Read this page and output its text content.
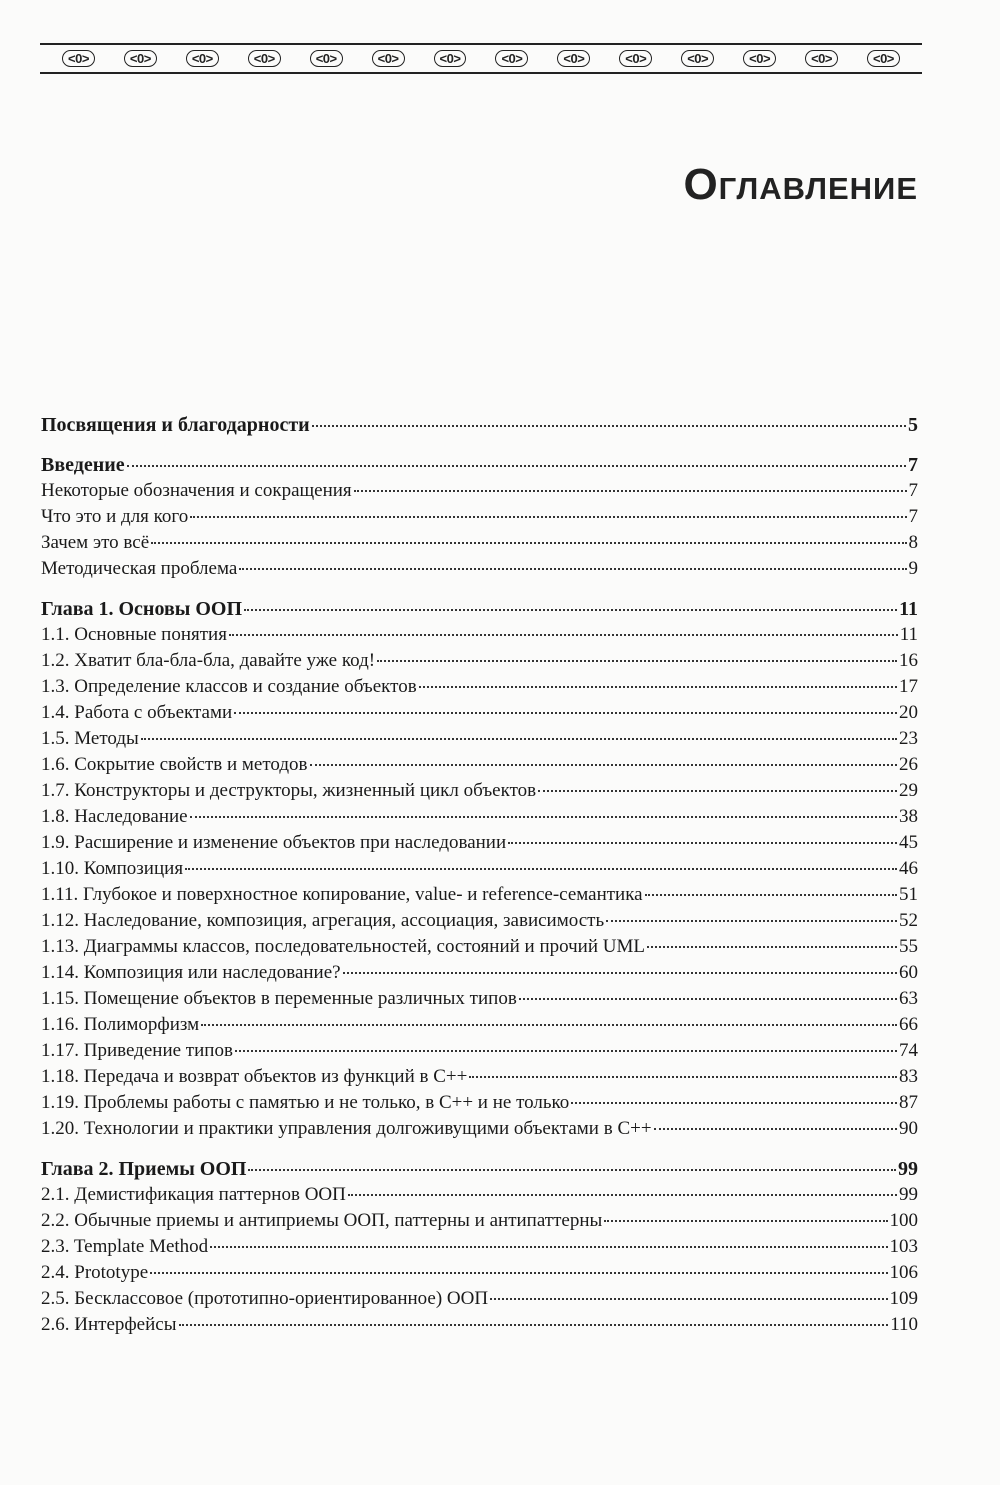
<0>	<0>	<0>	<0>	<0>	<0>	<0>	<0>	<0>	<0>	<0>	<0>	<0>	<0>
Оглавление
Посвящения и благодарности	5
Введение	7
Некоторые обозначения и сокращения	7
Что это и для кого	7
Зачем это всё	8
Методическая проблема	9
Глава 1. Основы ООП	11
1.1. Основные понятия	11
1.2. Хватит бла-бла-бла, давайте уже код!	16
1.3. Определение классов и создание объектов	17
1.4. Работа с объектами	20
1.5. Методы	23
1.6. Сокрытие свойств и методов	26
1.7. Конструкторы и деструкторы, жизненный цикл объектов	29
1.8. Наследование	38
1.9. Расширение и изменение объектов при наследовании	45
1.10. Композиция	46
1.11. Глубокое и поверхностное копирование, value- и reference-семантика	51
1.12. Наследование, композиция, агрегация, ассоциация, зависимость	52
1.13. Диаграммы классов, последовательностей, состояний и прочий UML	55
1.14. Композиция или наследование?	60
1.15. Помещение объектов в переменные различных типов	63
1.16. Полиморфизм	66
1.17. Приведение типов	74
1.18. Передача и возврат объектов из функций в C++	83
1.19. Проблемы работы с памятью и не только, в C++ и не только	87
1.20. Технологии и практики управления долгоживущими объектами в C++	90
Глава 2. Приемы ООП	99
2.1. Демистификация паттернов ООП	99
2.2. Обычные приемы и антиприемы ООП, паттерны и антипаттерны	100
2.3. Template Method	103
2.4. Prototype	106
2.5. Бесклассовое (прототипно-ориентированное) ООП	109
2.6. Интерфейсы	110
